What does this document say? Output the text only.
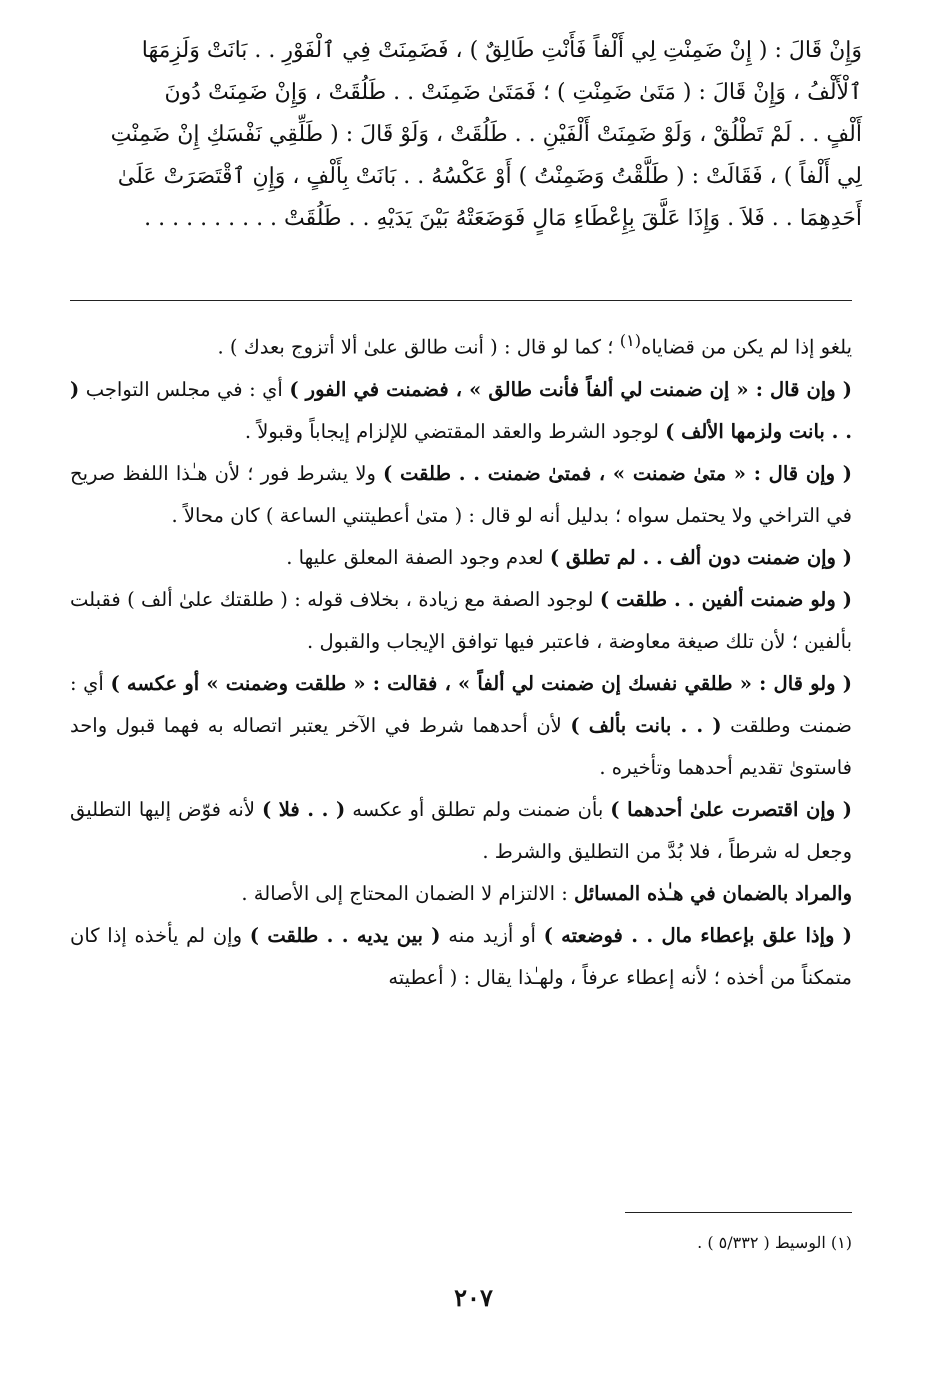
وَإِنْ قَالَ : ( إِنْ ضَمِنْتِ لِي أَلْفاً فَأَنْتِ طَالِقٌ ) ، فَضَمِنَتْ فِي ٱلْفَوْرِ . . بَانَتْ وَلَزِمَهَا

ٱلْأَلْفُ ، وَإِنْ قَالَ : ( مَتَىٰ ضَمِنْتِ ) ؛ فَمَتَىٰ ضَمِنَتْ . . طَلُقَتْ ، وَإِنْ ضَمِنَتْ دُونَ

أَلْفٍ . . لَمْ تَطْلُقْ ، وَلَوْ ضَمِنَتْ أَلْفَيْنِ . . طَلُقَتْ ، وَلَوْ قَالَ : ( طَلِّقِي نَفْسَكِ إِنْ ضَمِنْتِ

لِي أَلْفاً ) ، فَقَالَتْ : ( طَلَّقْتُ وَضَمِنْتُ ) أَوْ عَكْسُهُ . . بَانَتْ بِأَلْفٍ ، وَإِنِ ٱقْتَصَرَتْ عَلَىٰ

أَحَدِهِمَا . . فَلاَ . وَإِذَا عَلَّقَ بِإِعْطَاءِ مَالٍ فَوَضَعَتْهُ بَيْنَ يَدَيْهِ . . طَلُقَتْ . . . . . . . . . .

يلغو إذا لم يكن من قضاياه$^{(١)}$ ؛ كما لو قال : ( أنت طالق علىٰ ألا أتزوج بعدك ) .

( وإن قال : « إن ضمنت لي ألفاً فأنت طالق » ، فضمنت في الفور ) أي : في مجلس التواجب ( . . بانت ولزمها الألف ) لوجود الشرط والعقد المقتضي للإلزام إيجاباً وقبولاً .

( وإن قال : « متىٰ ضمنت » ، فمتىٰ ضمنت . . طلقت ) ولا يشرط فور ؛ لأن هـٰذا اللفظ صريح في التراخي ولا يحتمل سواه ؛ بدليل أنه لو قال : ( متىٰ أعطيتني الساعة ) كان محالاً .

( وإن ضمنت دون ألف . . لم تطلق ) لعدم وجود الصفة المعلق عليها .

( ولو ضمنت ألفين . . طلقت ) لوجود الصفة مع زيادة ، بخلاف قوله : ( طلقتك علىٰ ألف ) فقبلت بألفين ؛ لأن تلك صيغة معاوضة ، فاعتبر فيها توافق الإيجاب والقبول .

( ولو قال : « طلقي نفسك إن ضمنت لي ألفاً » ، فقالت : « طلقت وضمنت » أو عكسه ) أي : ضمنت وطلقت ( . . بانت بألف ) لأن أحدهما شرط في الآخر يعتبر اتصاله به فهما قبول واحد فاستوىٰ تقديم أحدهما وتأخيره .

( وإن اقتصرت علىٰ أحدهما ) بأن ضمنت ولم تطلق أو عكسه ( . . فلا ) لأنه فوّض إليها التطليق وجعل له شرطاً ، فلا بُدَّ من التطليق والشرط .

والمراد بالضمان في هـٰذه المسائل : الالتزام لا الضمان المحتاج إلى الأصالة .

( وإذا علق بإعطاء مال . . فوضعته ) أو أزيد منه ( بين يديه . . طلقت ) وإن لم يأخذه إذا كان متمكناً من أخذه ؛ لأنه إعطاء عرفاً ، ولهـٰذا يقال : ( أعطيته

(١) الوسيط ( ٥/٣٣٢ ) .
٢٠٧
